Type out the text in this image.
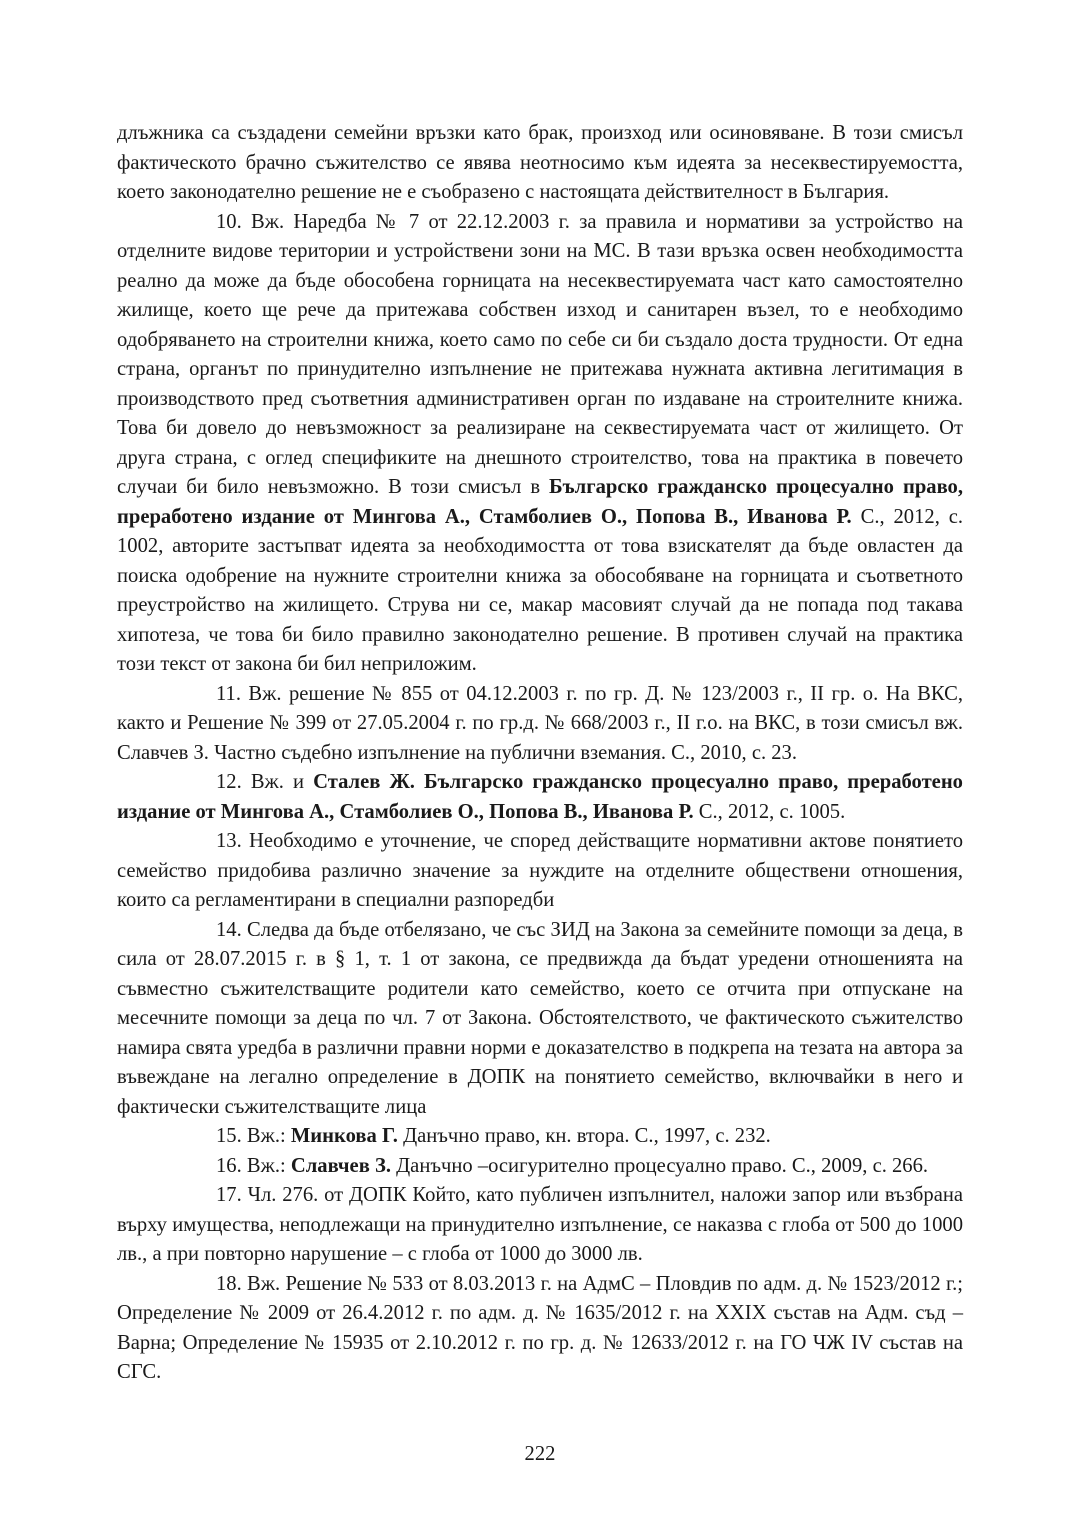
длъжника са създадени семейни връзки като брак, произход или осиновяване. В този смисъл фактическото брачно съжителство се явява неотносимо към идеята за несеквестируемостта, което законодателно решение не е съобразено с настоящата действителност в България.

10. Вж. Наредба № 7 от 22.12.2003 г. за правила и нормативи за устройство на отделните видове територии и устройствени зони на МС. В тази връзка освен необходимостта реално да може да бъде обособена горницата на несеквестируемата част като самостоятелно жилище, което ще рече да притежава собствен изход и санитарен възел, то е необходимо одобряването на строителни книжа, което само по себе си би създало доста трудности. От една страна, органът по принудително изпълнение не притежава нужната активна легитимация в производството пред съответния административен орган по издаване на строителните книжа. Това би довело до невъзможност за реализиране на секвестируемата част от жилището. От друга страна, с оглед спецификите на днешното строителство, това на практика в повечето случаи би било невъзможно. В този смисъл в Българско гражданско процесуално право, преработено издание от Мингова А., Стамболиев О., Попова В., Иванова Р. С., 2012, с. 1002, авторите застъпват идеята за необходимостта от това взискателят да бъде овластен да поиска одобрение на нужните строителни книжа за обособяване на горницата и съответното преустройство на жилището. Струва ни се, макар масовият случай да не попада под такава хипотеза, че това би било правилно законодателно решение. В противен случай на практика този текст от закона би бил неприложим.

11. Вж. решение № 855 от 04.12.2003 г. по гр. Д. № 123/2003 г., II гр. о. На ВКС, както и Решение № 399 от 27.05.2004 г. по гр.д. № 668/2003 г., II г.о. на ВКС, в този смисъл вж. Славчев З. Частно съдебно изпълнение на публични вземания. С., 2010, с. 23.

12. Вж. и Сталев Ж. Българско гражданско процесуално право, преработено издание от Мингова А., Стамболиев О., Попова В., Иванова Р. С., 2012, с. 1005.

13. Необходимо е уточнение, че според действащите нормативни актове понятието семейство придобива различно значение за нуждите на отделните обществени отношения, които са регламентирани в специални разпоредби

14. Следва да бъде отбелязано, че със ЗИД на Закона за семейните помощи за деца, в сила от 28.07.2015 г. в § 1, т. 1 от закона, се предвижда да бъдат уредени отношенията на съвместно съжителстващите родители като семейство, което се отчита при отпускане на месечните помощи за деца по чл. 7 от Закона. Обстоятелството, че фактическото съжителство намира свята уредба в различни правни норми е доказателство в подкрепа на тезата на автора за въвеждане на легално определение в ДОПК на понятието семейство, включвайки в него и фактически съжителстващите лица

15. Вж.: Минкова Г. Данъчно право, кн. втора. С., 1997, с. 232.

16. Вж.: Славчев З. Данъчно –осигурително процесуално право. С., 2009, с. 266.

17. Чл. 276. от ДОПК Който, като публичен изпълнител, наложи запор или възбрана върху имущества, неподлежащи на принудително изпълнение, се наказва с глоба от 500 до 1000 лв., а при повторно нарушение – с глоба от 1000 до 3000 лв.

18. Вж. Решение № 533 от 8.03.2013 г. на АдмС – Пловдив по адм. д. № 1523/2012 г.; Определение № 2009 от 26.4.2012 г. по адм. д. № 1635/2012 г. на XXIX състав на Адм. съд – Варна; Определение № 15935 от 2.10.2012 г. по гр. д. № 12633/2012 г. на ГО ЧЖ IV състав на СГС.

222
